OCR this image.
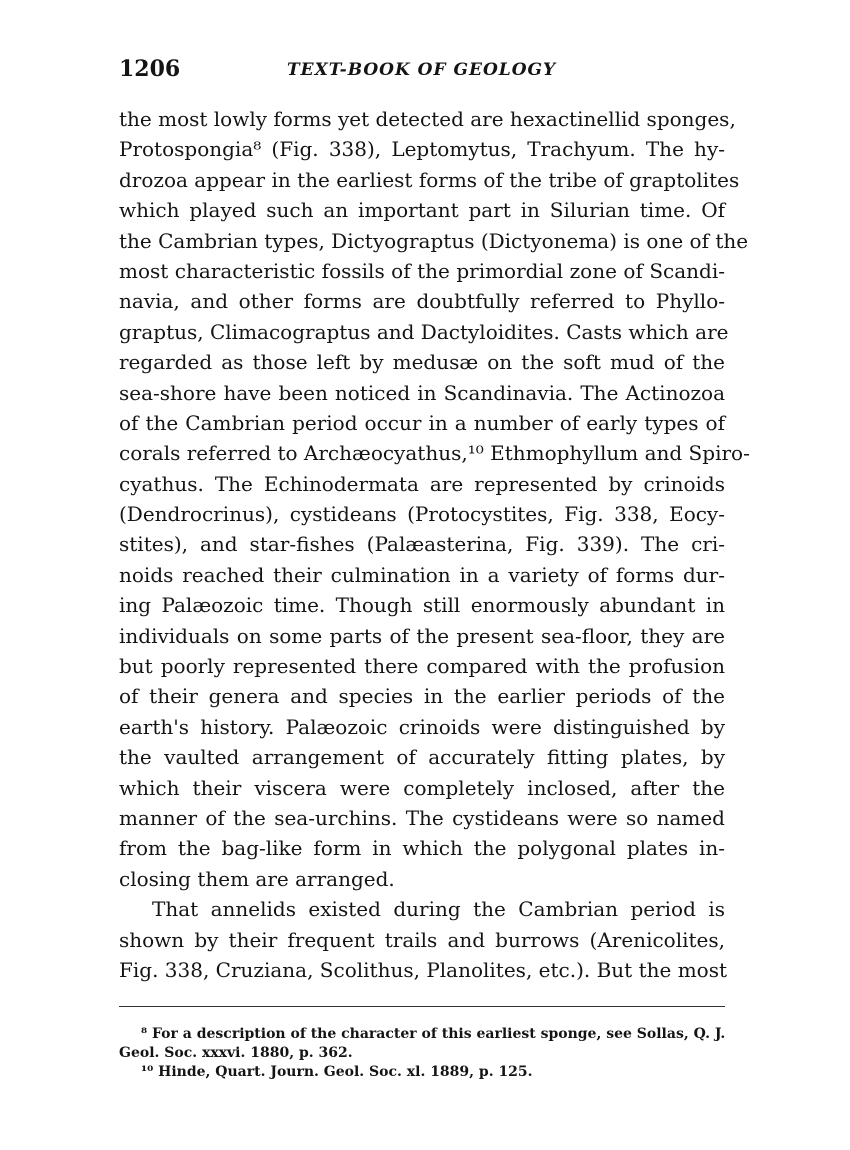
1206	TEXT-BOOK OF GEOLOGY
the most lowly forms yet detected are hexactinellid sponges,
Protospongia⁸ (Fig. 338), Leptomytus, Trachyum. The hy-
drozoa appear in the earliest forms of the tribe of graptolites
which played such an important part in Silurian time. Of
the Cambrian types, Dictyograptus (Dictyonema) is one of the
most characteristic fossils of the primordial zone of Scandi-
navia, and other forms are doubtfully referred to Phyllo-
graptus, Climacograptus and Dactyloidites. Casts which are
regarded as those left by medusæ on the soft mud of the
sea-shore have been noticed in Scandinavia. The Actinozoa
of the Cambrian period occur in a number of early types of
corals referred to Archæocyathus,¹⁰ Ethmophyllum and Spiro-
cyathus. The Echinodermata are represented by crinoids
(Dendrocrinus), cystideans (Protocystites, Fig. 338, Eocy-
stites), and star-fishes (Palæasterina, Fig. 339). The cri-
noids reached their culmination in a variety of forms dur-
ing Palæozoic time. Though still enormously abundant in
individuals on some parts of the present sea-floor, they are
but poorly represented there compared with the profusion
of their genera and species in the earlier periods of the
earth's history. Palæozoic crinoids were distinguished by
the vaulted arrangement of accurately fitting plates, by
which their viscera were completely inclosed, after the
manner of the sea-urchins. The cystideans were so named
from the bag-like form in which the polygonal plates in-
closing them are arranged.
That annelids existed during the Cambrian period is
shown by their frequent trails and burrows (Arenicolites,
Fig. 338, Cruziana, Scolithus, Planolites, etc.). But the most
⁸ For a description of the character of this earliest sponge, see Sollas, Q. J.
Geol. Soc. xxxvi. 1880, p. 362.
¹⁰ Hinde, Quart. Journ. Geol. Soc. xl. 1889, p. 125.
